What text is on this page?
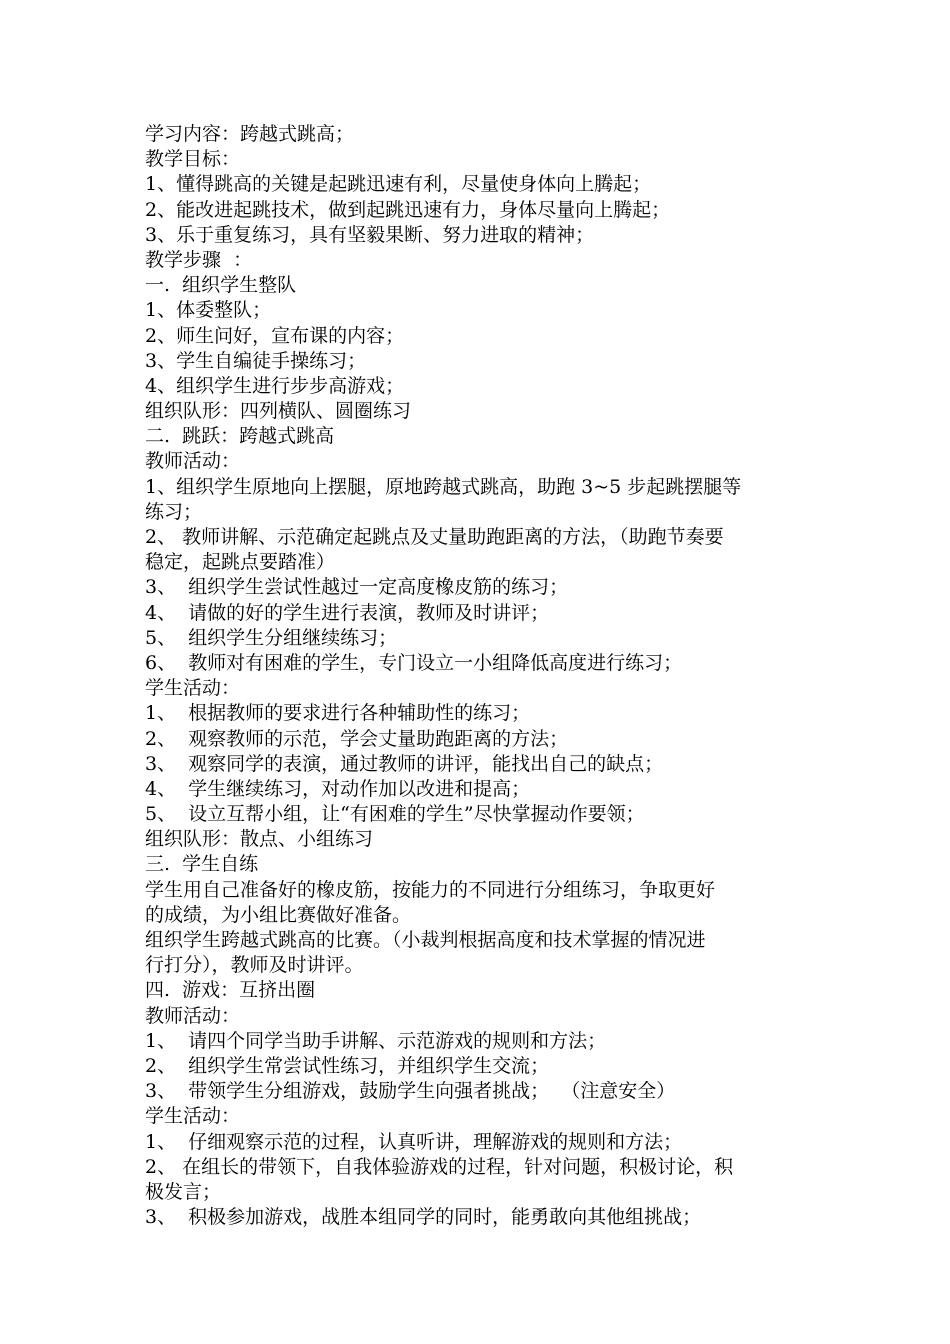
学习内容：跨越式跳高；

教学目标：

1、懂得跳高的关键是起跳迅速有利，尽量使身体向上腾起；

2、能改进起跳技术，做到起跳迅速有力，身体尽量向上腾起；

3、乐于重复练习，具有坚毅果断、努力进取的精神；

教学步骤  ：

一.  组织学生整队

1、体委整队；

2、师生问好，宣布课的内容；

3、学生自编徒手操练习；

4、组织学生进行步步高游戏；

组织队形：四列横队、圆圈练习

二.  跳跃：跨越式跳高

教师活动：

1、组织学生原地向上摆腿，原地跨越式跳高，助跑 3~5 步起跳摆腿等

练习；

2、 教师讲解、示范确定起跳点及丈量助跑距离的方法，（助跑节奏要

稳定，起跳点要踏准）

3、  组织学生尝试性越过一定高度橡皮筋的练习；

4、  请做的好的学生进行表演，教师及时讲评；

5、  组织学生分组继续练习；

6、  教师对有困难的学生，专门设立一小组降低高度进行练习；

学生活动：

1、  根据教师的要求进行各种辅助性的练习；

2、  观察教师的示范，学会丈量助跑距离的方法；

3、  观察同学的表演，通过教师的讲评，能找出自己的缺点；

4、  学生继续练习，对动作加以改进和提高；

5、  设立互帮小组，让“有困难的学生”尽快掌握动作要领；

组织队形：散点、小组练习

三.  学生自练

学生用自己准备好的橡皮筋，按能力的不同进行分组练习，争取更好

的成绩，为小组比赛做好准备。

组织学生跨越式跳高的比赛。（小裁判根据高度和技术掌握的情况进

行打分），教师及时讲评。

四.  游戏：互挤出圈

教师活动：

1、  请四个同学当助手讲解、示范游戏的规则和方法；

2、  组织学生常尝试性练习，并组织学生交流；

3、  带领学生分组游戏，鼓励学生向强者挑战；  （注意安全）

学生活动：

1、  仔细观察示范的过程，认真听讲，理解游戏的规则和方法；

2、 在组长的带领下，自我体验游戏的过程，针对问题，积极讨论，积

极发言；

3、  积极参加游戏，战胜本组同学的同时，能勇敢向其他组挑战；
